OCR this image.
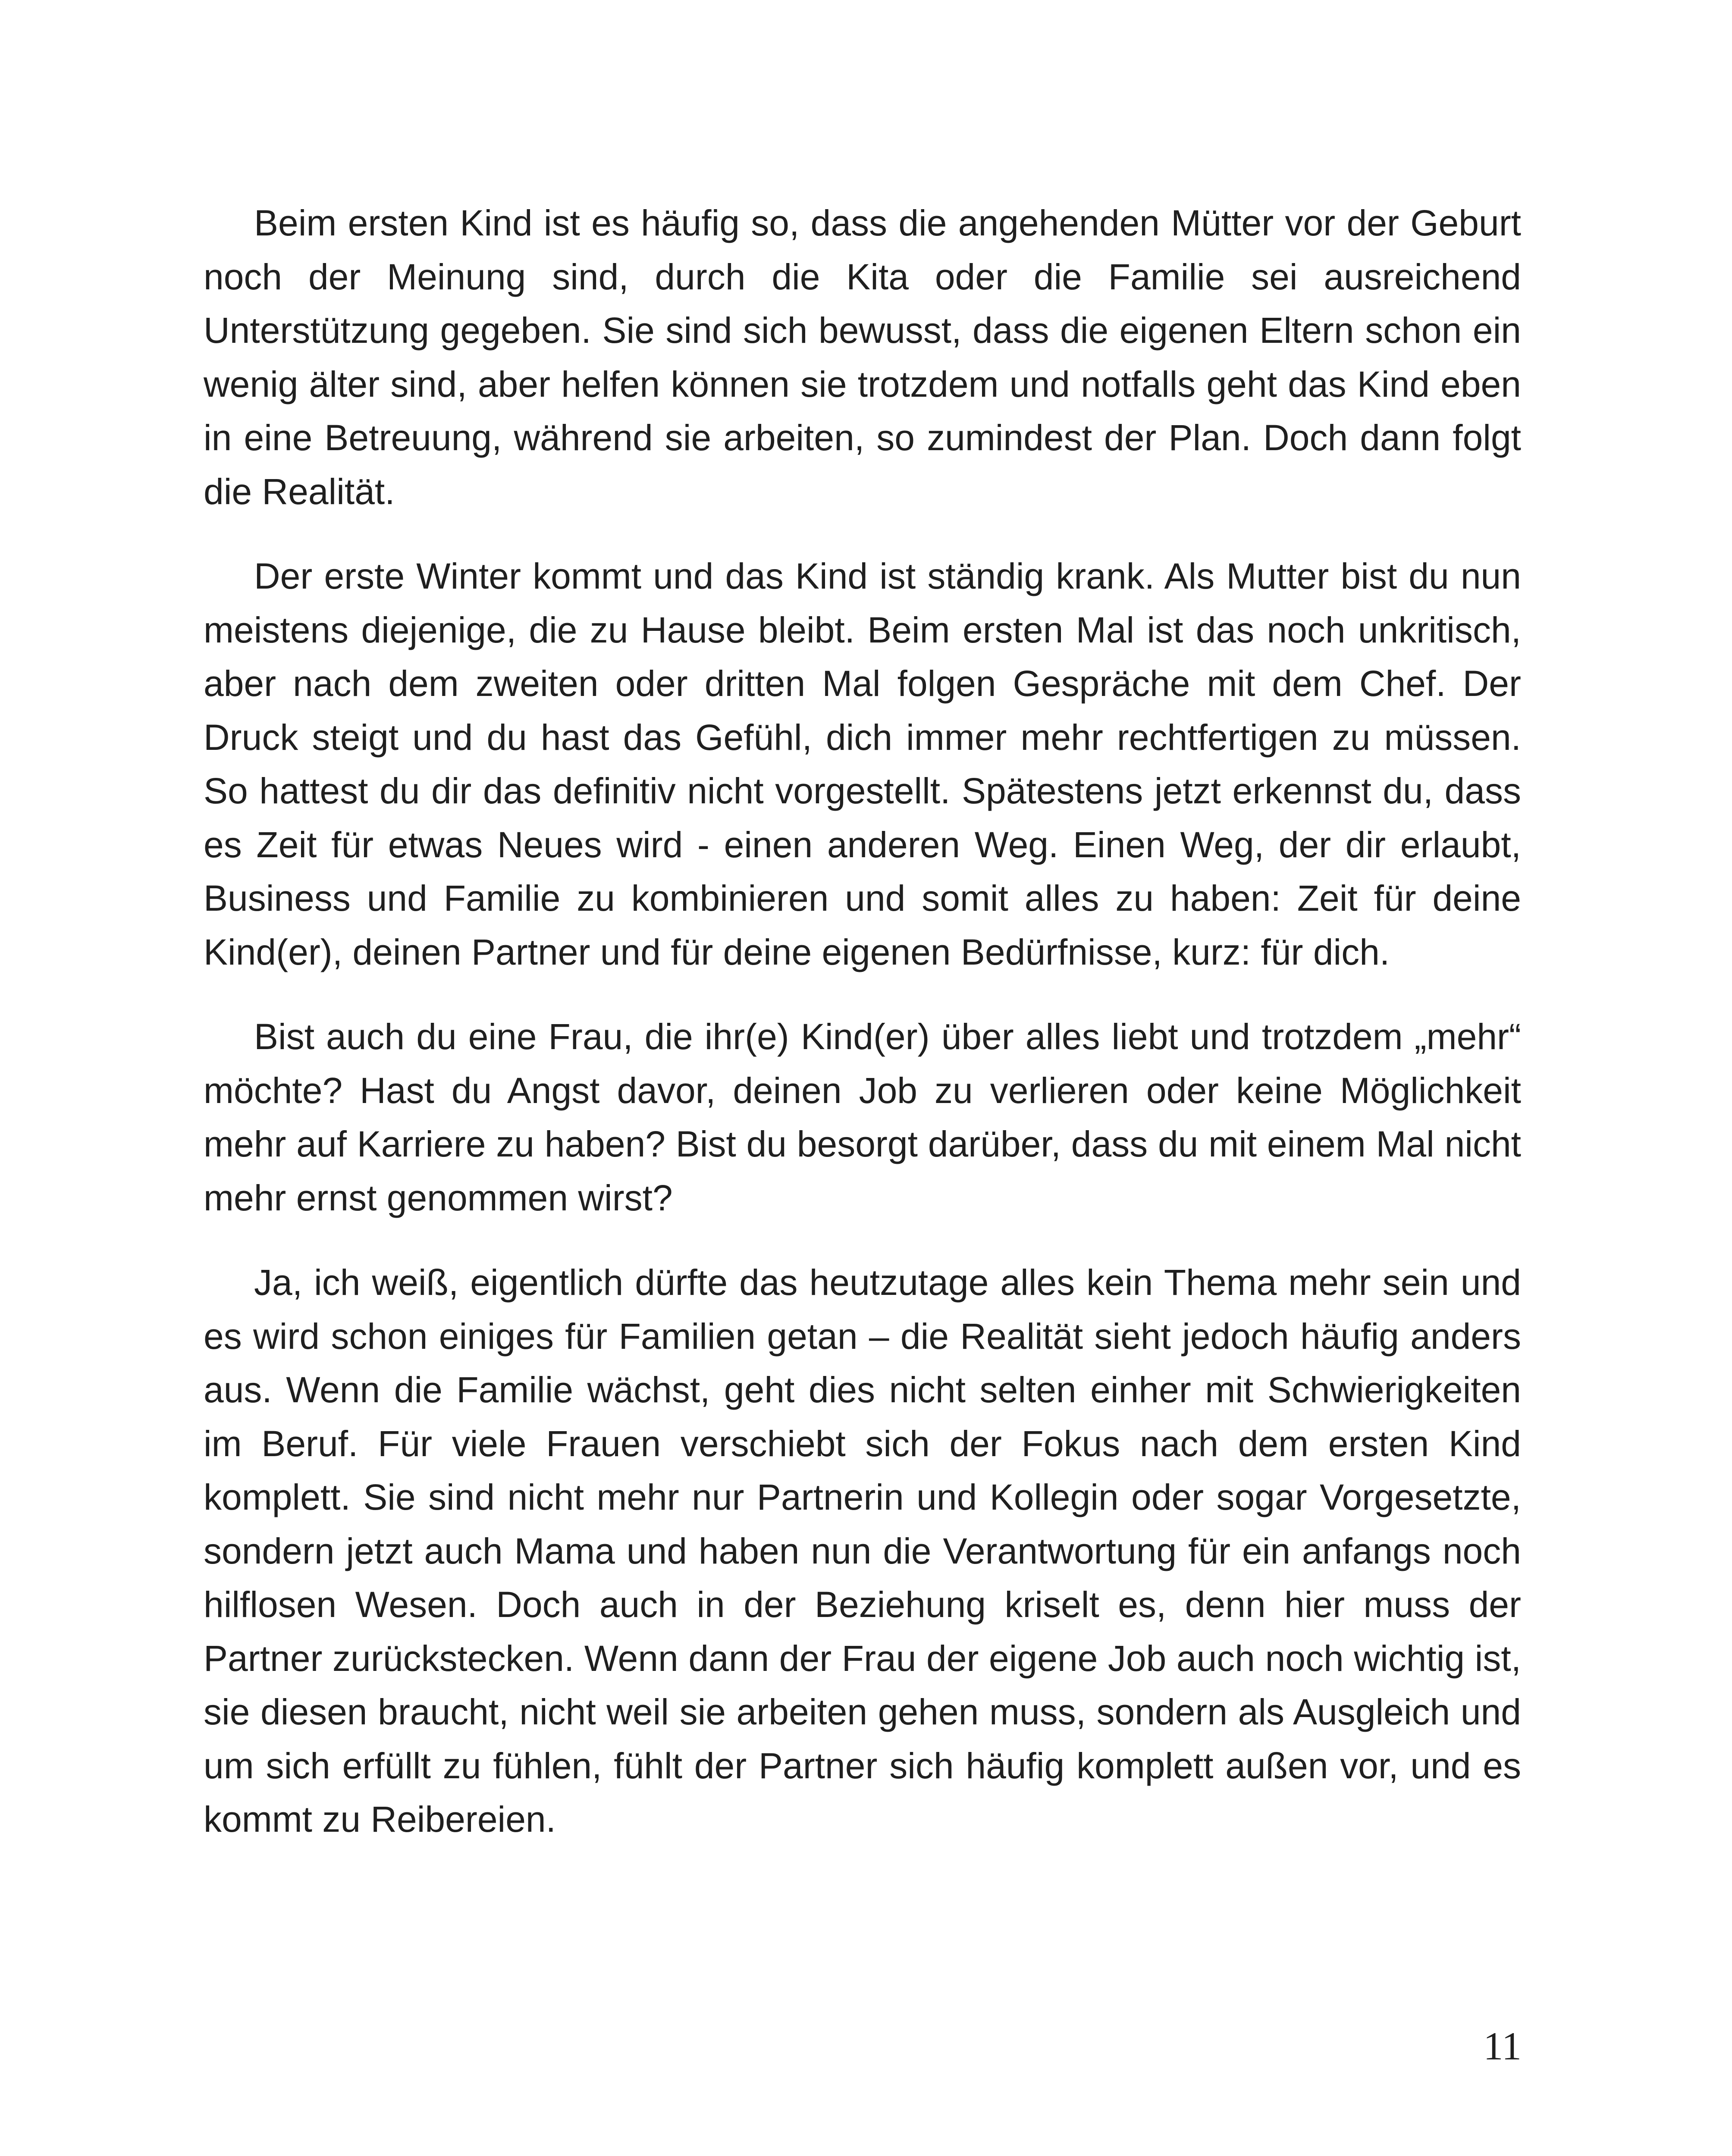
Beim ersten Kind ist es häufig so, dass die angehenden Mütter vor der Geburt noch der Meinung sind, durch die Kita oder die Familie sei ausreichend Unterstützung gegeben. Sie sind sich bewusst, dass die eigenen Eltern schon ein wenig älter sind, aber helfen können sie trotzdem und notfalls geht das Kind eben in eine Betreuung, während sie arbeiten, so zumindest der Plan. Doch dann folgt die Realität.

Der erste Winter kommt und das Kind ist ständig krank. Als Mutter bist du nun meistens diejenige, die zu Hause bleibt. Beim ersten Mal ist das noch unkritisch, aber nach dem zweiten oder dritten Mal folgen Gespräche mit dem Chef. Der Druck steigt und du hast das Gefühl, dich immer mehr rechtfertigen zu müssen. So hattest du dir das definitiv nicht vorgestellt. Spätestens jetzt erkennst du, dass es Zeit für etwas Neues wird - einen anderen Weg. Einen Weg, der dir erlaubt, Business und Familie zu kombinieren und somit alles zu haben: Zeit für deine Kind(er), deinen Partner und für deine eigenen Bedürfnisse, kurz: für dich.

Bist auch du eine Frau, die ihr(e) Kind(er) über alles liebt und trotzdem „mehr“ möchte? Hast du Angst davor, deinen Job zu verlieren oder keine Möglichkeit mehr auf Karriere zu haben? Bist du besorgt darüber, dass du mit einem Mal nicht mehr ernst genommen wirst?

Ja, ich weiß, eigentlich dürfte das heutzutage alles kein Thema mehr sein und es wird schon einiges für Familien getan – die Realität sieht jedoch häufig anders aus. Wenn die Familie wächst, geht dies nicht selten einher mit Schwierigkeiten im Beruf. Für viele Frauen verschiebt sich der Fokus nach dem ersten Kind komplett. Sie sind nicht mehr nur Partnerin und Kollegin oder sogar Vorgesetzte, sondern jetzt auch Mama und haben nun die Verantwortung für ein anfangs noch hilflosen Wesen. Doch auch in der Beziehung kriselt es, denn hier muss der Partner zurückstecken. Wenn dann der Frau der eigene Job auch noch wichtig ist, sie diesen braucht, nicht weil sie arbeiten gehen muss, sondern als Ausgleich und um sich erfüllt zu fühlen, fühlt der Partner sich häufig komplett außen vor, und es kommt zu Reibereien.

11
